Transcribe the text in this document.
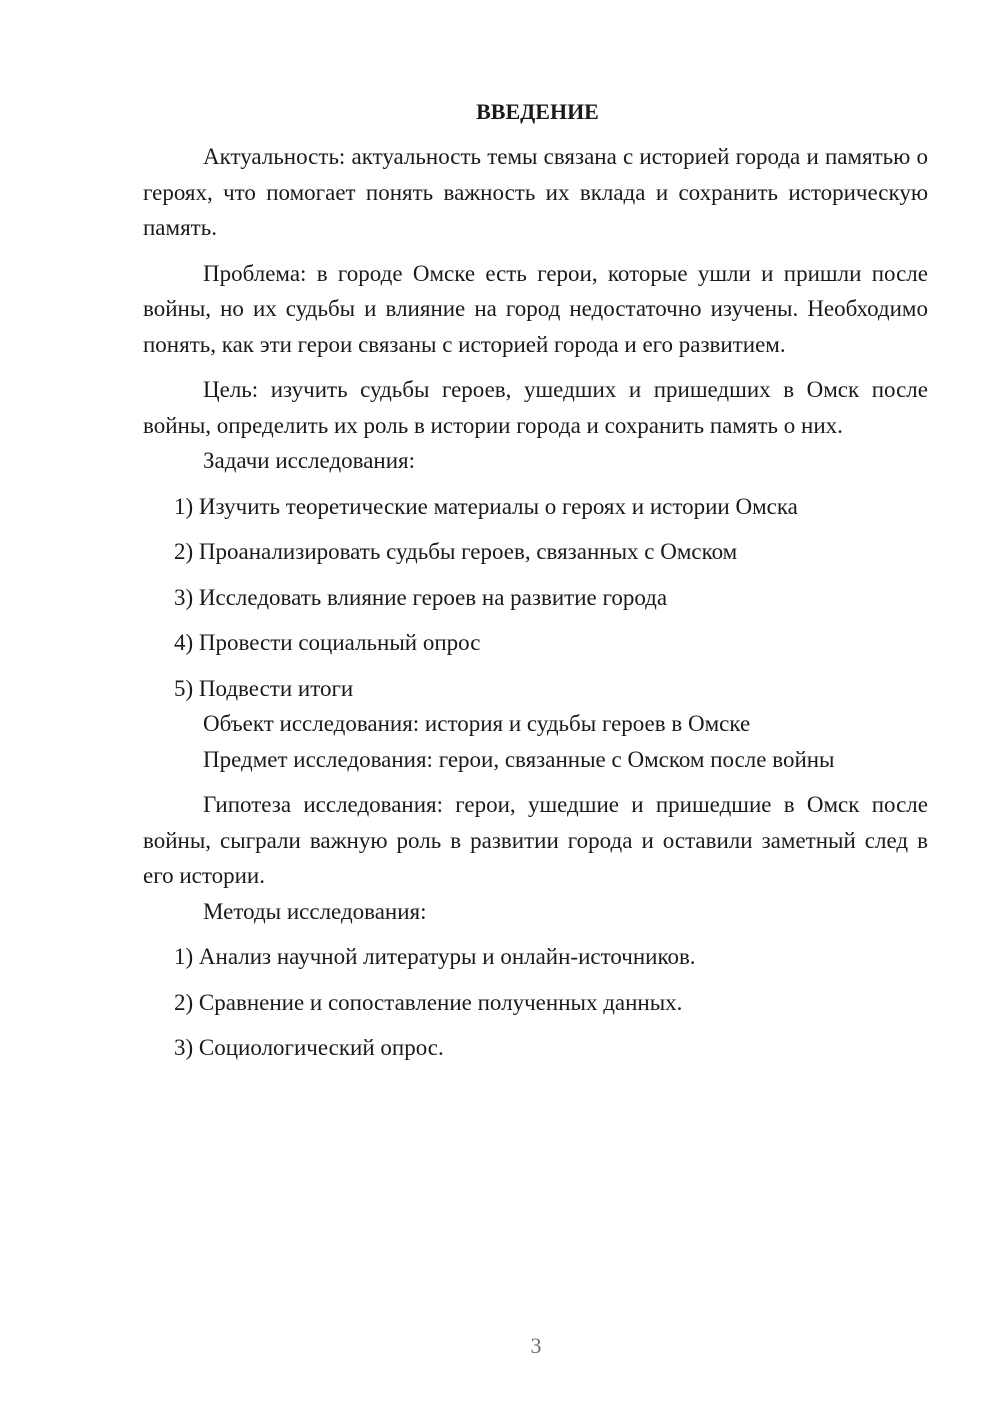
ВВЕДЕНИЕ

Актуальность: актуальность темы связана с историей города и памятью о героях, что помогает понять важность их вклада и сохранить историческую память.

Проблема: в городе Омске есть герои, которые ушли и пришли после войны, но их судьбы и влияние на город недостаточно изучены. Необходимо понять, как эти герои связаны с историей города и его развитием.

Цель: изучить судьбы героев, ушедших и пришедших в Омск после войны, определить их роль в истории города и сохранить память о них.

Задачи исследования:

1) Изучить теоретические материалы о героях и истории Омска
2) Проанализировать судьбы героев, связанных с Омском
3) Исследовать влияние героев на развитие города
4) Провести социальный опрос
5) Подвести итоги

Объект исследования: история и судьбы героев в Омске

Предмет исследования: герои, связанные с Омском после войны

Гипотеза исследования: герои, ушедшие и пришедшие в Омск после войны, сыграли важную роль в развитии города и оставили заметный след в его истории.

Методы исследования:

1) Анализ научной литературы и онлайн-источников.
2) Сравнение и сопоставление полученных данных.
3) Социологический опрос.
3
